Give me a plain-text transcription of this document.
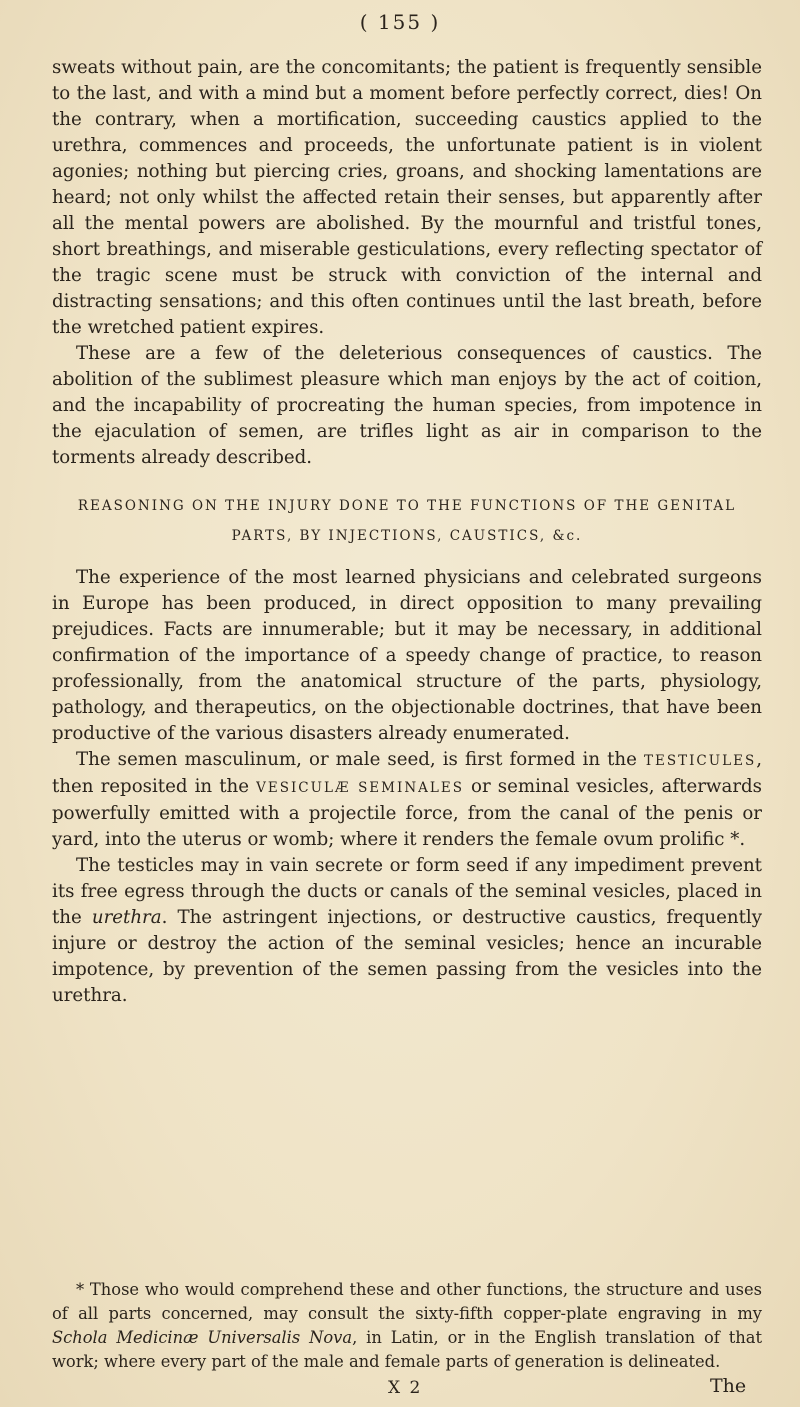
( 155 )

sweats without pain, are the concomitants; the patient is frequently sensible to the last, and with a mind but a moment before perfectly correct, dies! On the contrary, when a mortification, succeeding caustics applied to the urethra, commences and proceeds, the unfortunate patient is in violent agonies; nothing but piercing cries, groans, and shocking lamentations are heard; not only whilst the affected retain their senses, but apparently after all the mental powers are abolished. By the mournful and tristful tones, short breathings, and miserable gesticulations, every reflecting spectator of the tragic scene must be struck with conviction of the internal and distracting sensations; and this often continues until the last breath, before the wretched patient expires.

These are a few of the deleterious consequences of caustics. The abolition of the sublimest pleasure which man enjoys by the act of coition, and the incapability of procreating the human species, from impotence in the ejaculation of semen, are trifles light as air in comparison to the torments already described.

REASONING ON THE INJURY DONE TO THE FUNCTIONS OF THE GENITAL PARTS, BY INJECTIONS, CAUSTICS, &c.

The experience of the most learned physicians and celebrated surgeons in Europe has been produced, in direct opposition to many prevailing prejudices. Facts are innumerable; but it may be necessary, in additional confirmation of the importance of a speedy change of practice, to reason professionally, from the anatomical structure of the parts, physiology, pathology, and therapeutics, on the objectionable doctrines, that have been productive of the various disasters already enumerated.

The semen masculinum, or male seed, is first formed in the TESTICULES, then reposited in the VESICULÆ SEMINALES or seminal vesicles, afterwards powerfully emitted with a projectile force, from the canal of the penis or yard, into the uterus or womb; where it renders the female ovum prolific *.

The testicles may in vain secrete or form seed if any impediment prevent its free egress through the ducts or canals of the seminal vesicles, placed in the urethra. The astringent injections, or destructive caustics, frequently injure or destroy the action of the seminal vesicles; hence an incurable impotence, by prevention of the semen passing from the vesicles into the urethra.

* Those who would comprehend these and other functions, the structure and uses of all parts concerned, may consult the sixty-fifth copper-plate engraving in my Schola Medicinæ Universalis Nova, in Latin, or in the English translation of that work; where every part of the male and female parts of generation is delineated.

X 2	The
